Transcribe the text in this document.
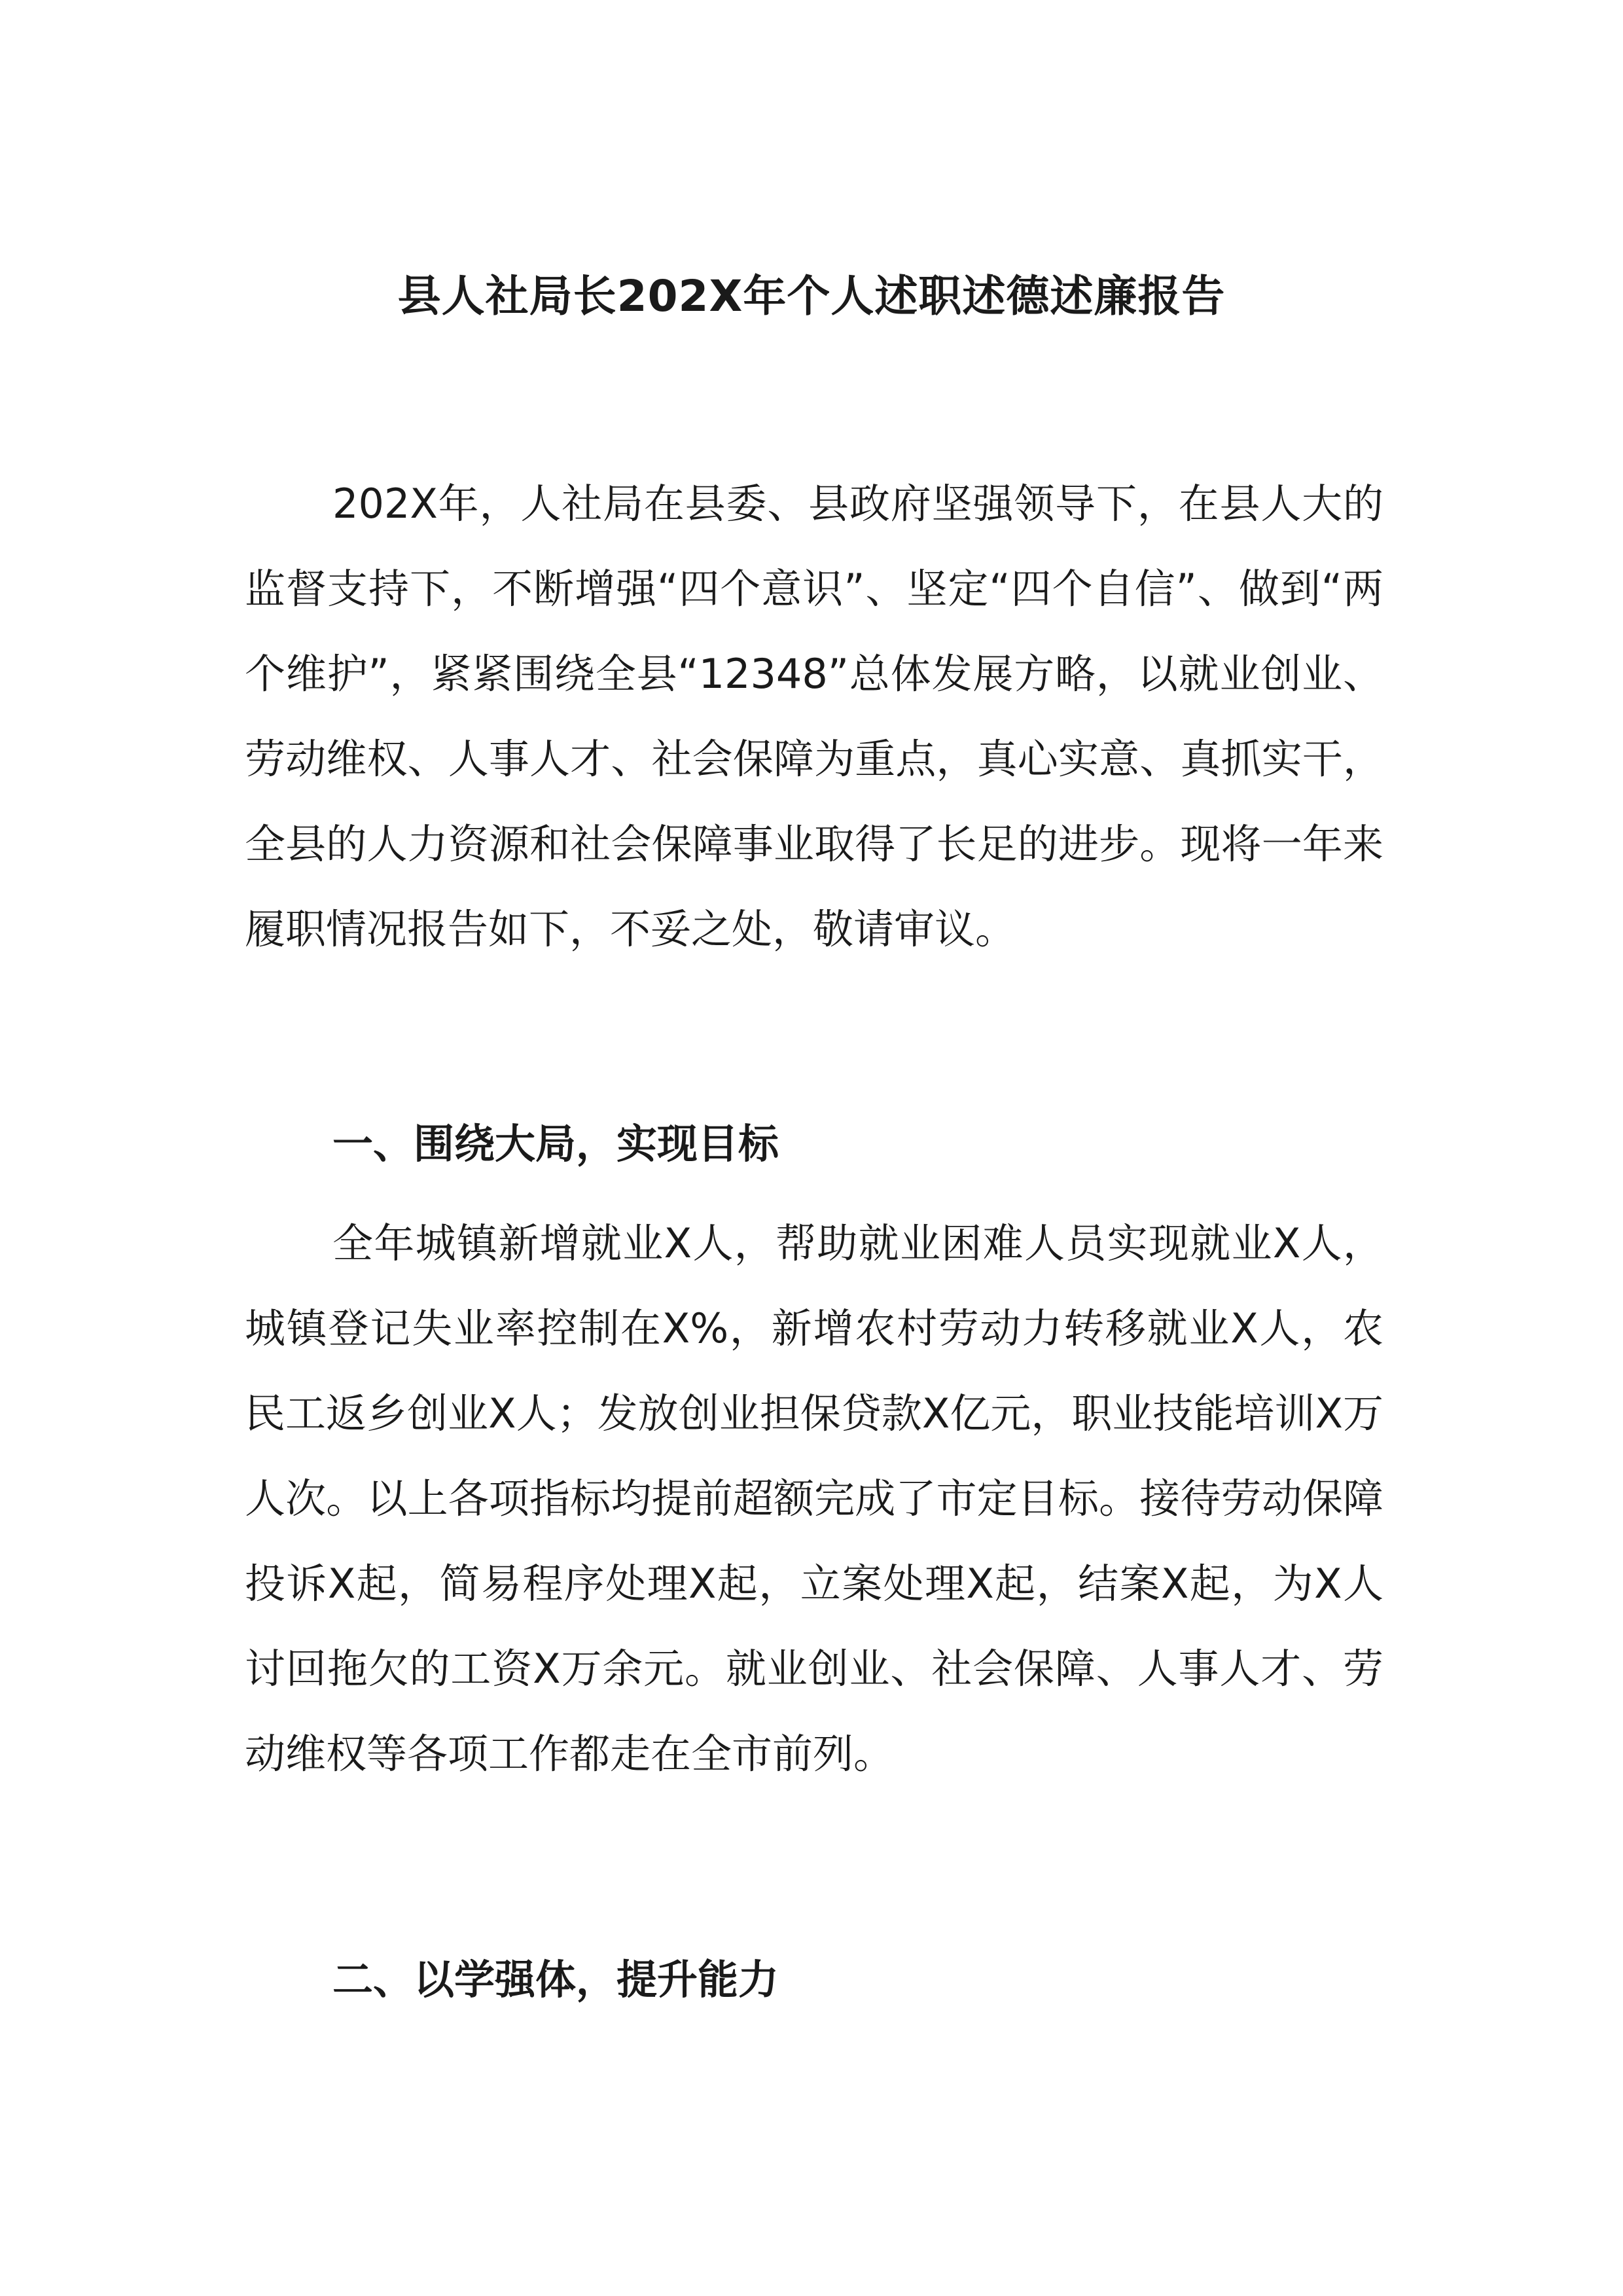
县人社局长202X年个人述职述德述廉报告

202X年，人社局在县委、县政府坚强领导下，在县人大的监督支持下，不断增强“四个意识”、坚定“四个自信”、做到“两个维护”，紧紧围绕全县“12348”总体发展方略，以就业创业、劳动维权、人事人才、社会保障为重点，真心实意、真抓实干，全县的人力资源和社会保障事业取得了长足的进步。现将一年来履职情况报告如下，不妥之处，敬请审议。

一、围绕大局，实现目标

全年城镇新增就业X人，帮助就业困难人员实现就业X人，城镇登记失业率控制在X%，新增农村劳动力转移就业X人，农民工返乡创业X人；发放创业担保贷款X亿元，职业技能培训X万人次。以上各项指标均提前超额完成了市定目标。接待劳动保障投诉X起，简易程序处理X起，立案处理X起，结案X起，为X人讨回拖欠的工资X万余元。就业创业、社会保障、人事人才、劳动维权等各项工作都走在全市前列。

二、以学强体，提升能力
